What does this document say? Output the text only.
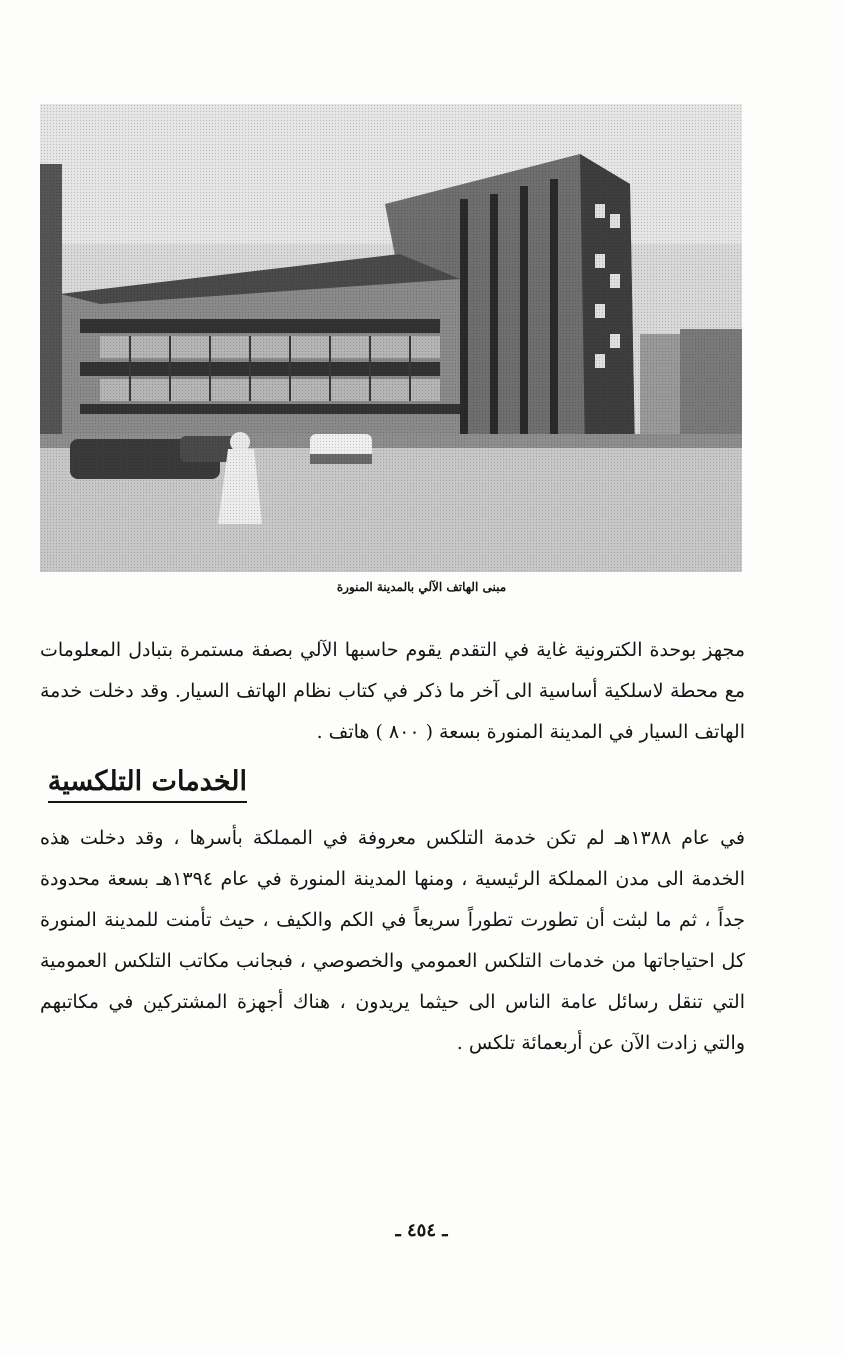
مبنى الهاتف الآلي بالمدينة المنورة

مجهز بوحدة الكترونية غاية في التقدم يقوم حاسبها الآلي بصفة مستمرة بتبادل المعلومات مع محطة لاسلكية أساسية الى آخر ما ذكر في كتاب نظام الهاتف السيار. وقد دخلت خدمة الهاتف السيار في المدينة المنورة بسعة ( ٨٠٠ ) هاتف .

الخدمات التلكسية

في عام ١٣٨٨هـ لم تكن خدمة التلكس معروفة في المملكة بأسرها ، وقد دخلت هذه الخدمة الى مدن المملكة الرئيسية ، ومنها المدينة المنورة في عام ١٣٩٤هـ بسعة محدودة جداً ، ثم ما لبثت أن تطورت تطوراً سريعاً في الكم والكيف ، حيث تأمنت للمدينة المنورة كل احتياجاتها من خدمات التلكس العمومي والخصوصي ، فبجانب مكاتب التلكس العمومية التي تنقل رسائل عامة الناس الى حيثما يريدون ، هناك أجهزة المشتركين في مكاتبهم والتي زادت الآن عن أربعمائة تلكس .

ـ ٤٥٤ ـ
